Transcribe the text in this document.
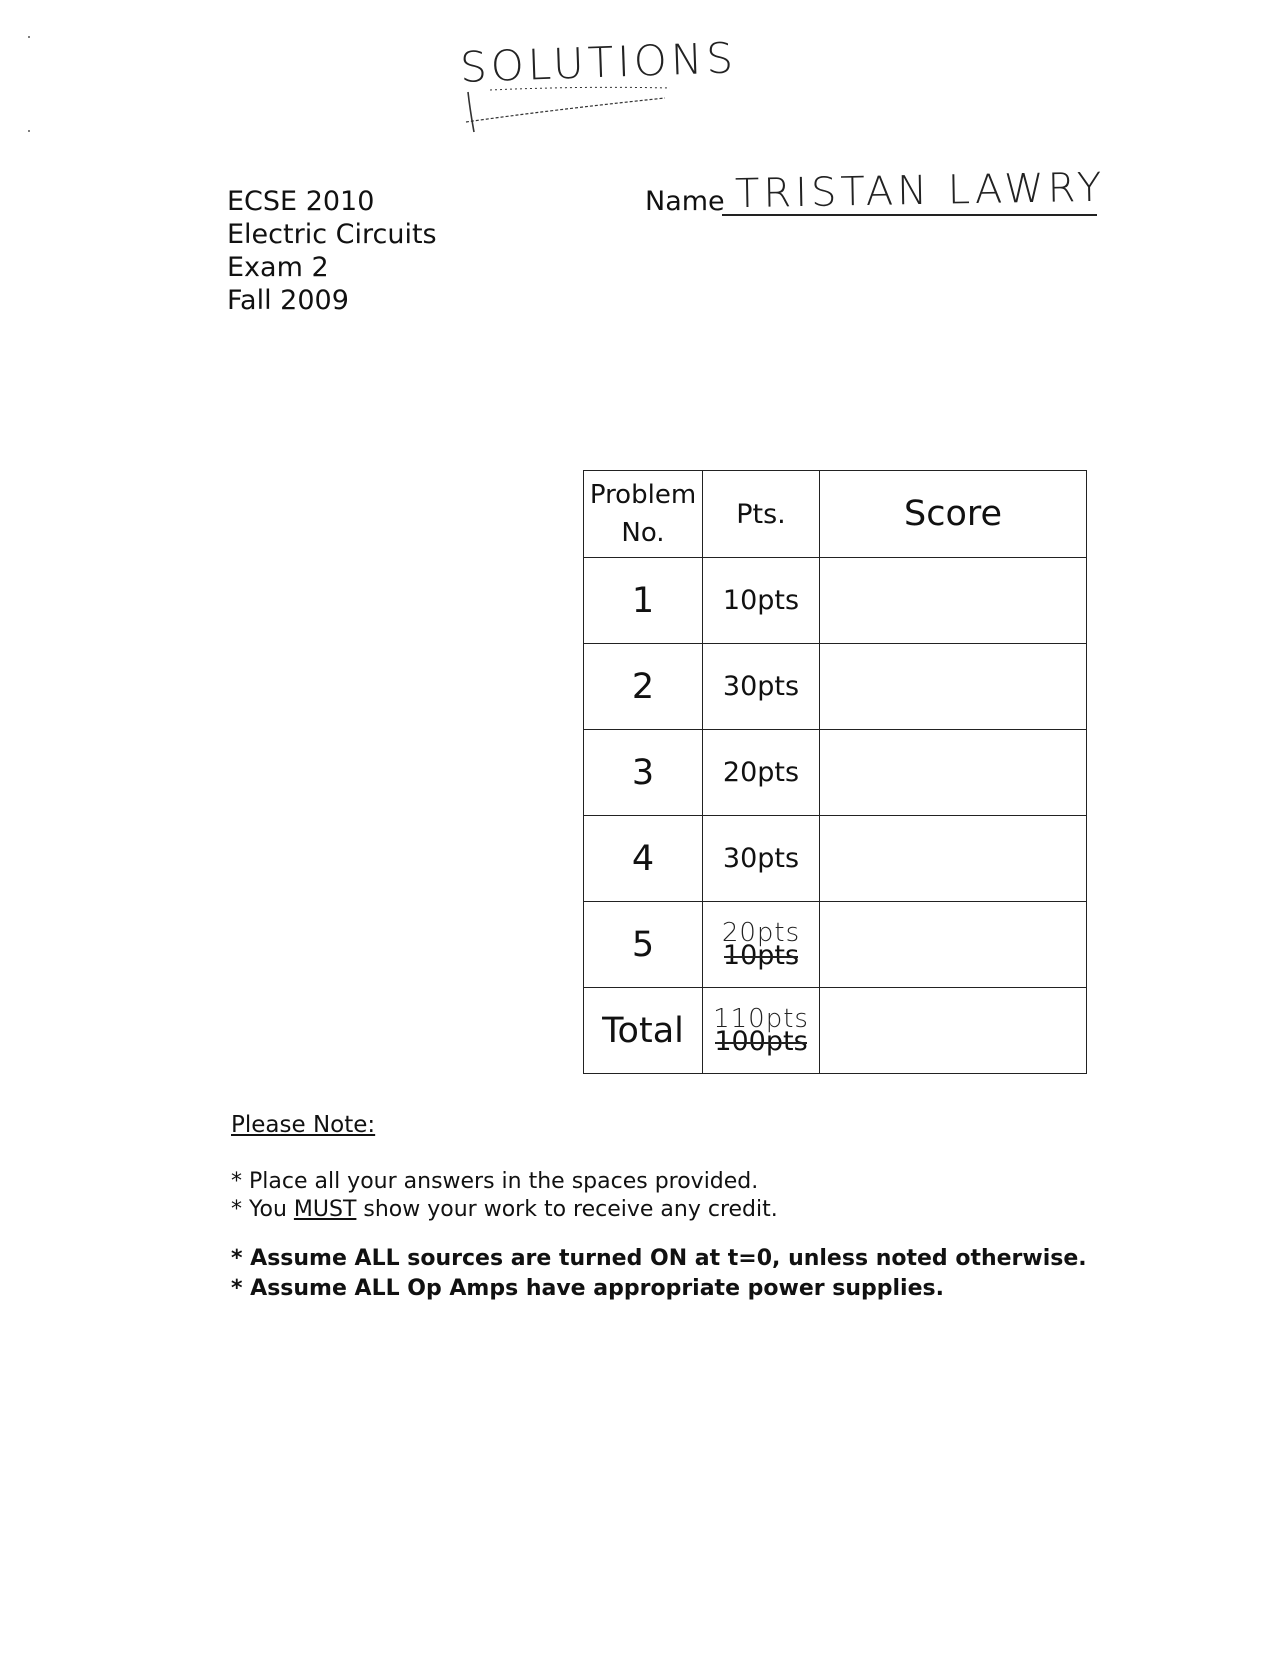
SOLUTIONS
ECSE 2010
Electric Circuits
Exam 2
Fall 2009
Name TRISTAN LAWRY
Problem
No.	Pts.	Score
1	10pts	
2	30pts	
3	20pts	
4	30pts	
5	20pts
10pts	

Total	110pts
100pts	

Please Note:
* Place all your answers in the spaces provided.
* You MUST show your work to receive any credit.
* Assume ALL sources are turned ON at t=0, unless noted otherwise.
* Assume ALL Op Amps have appropriate power supplies.
